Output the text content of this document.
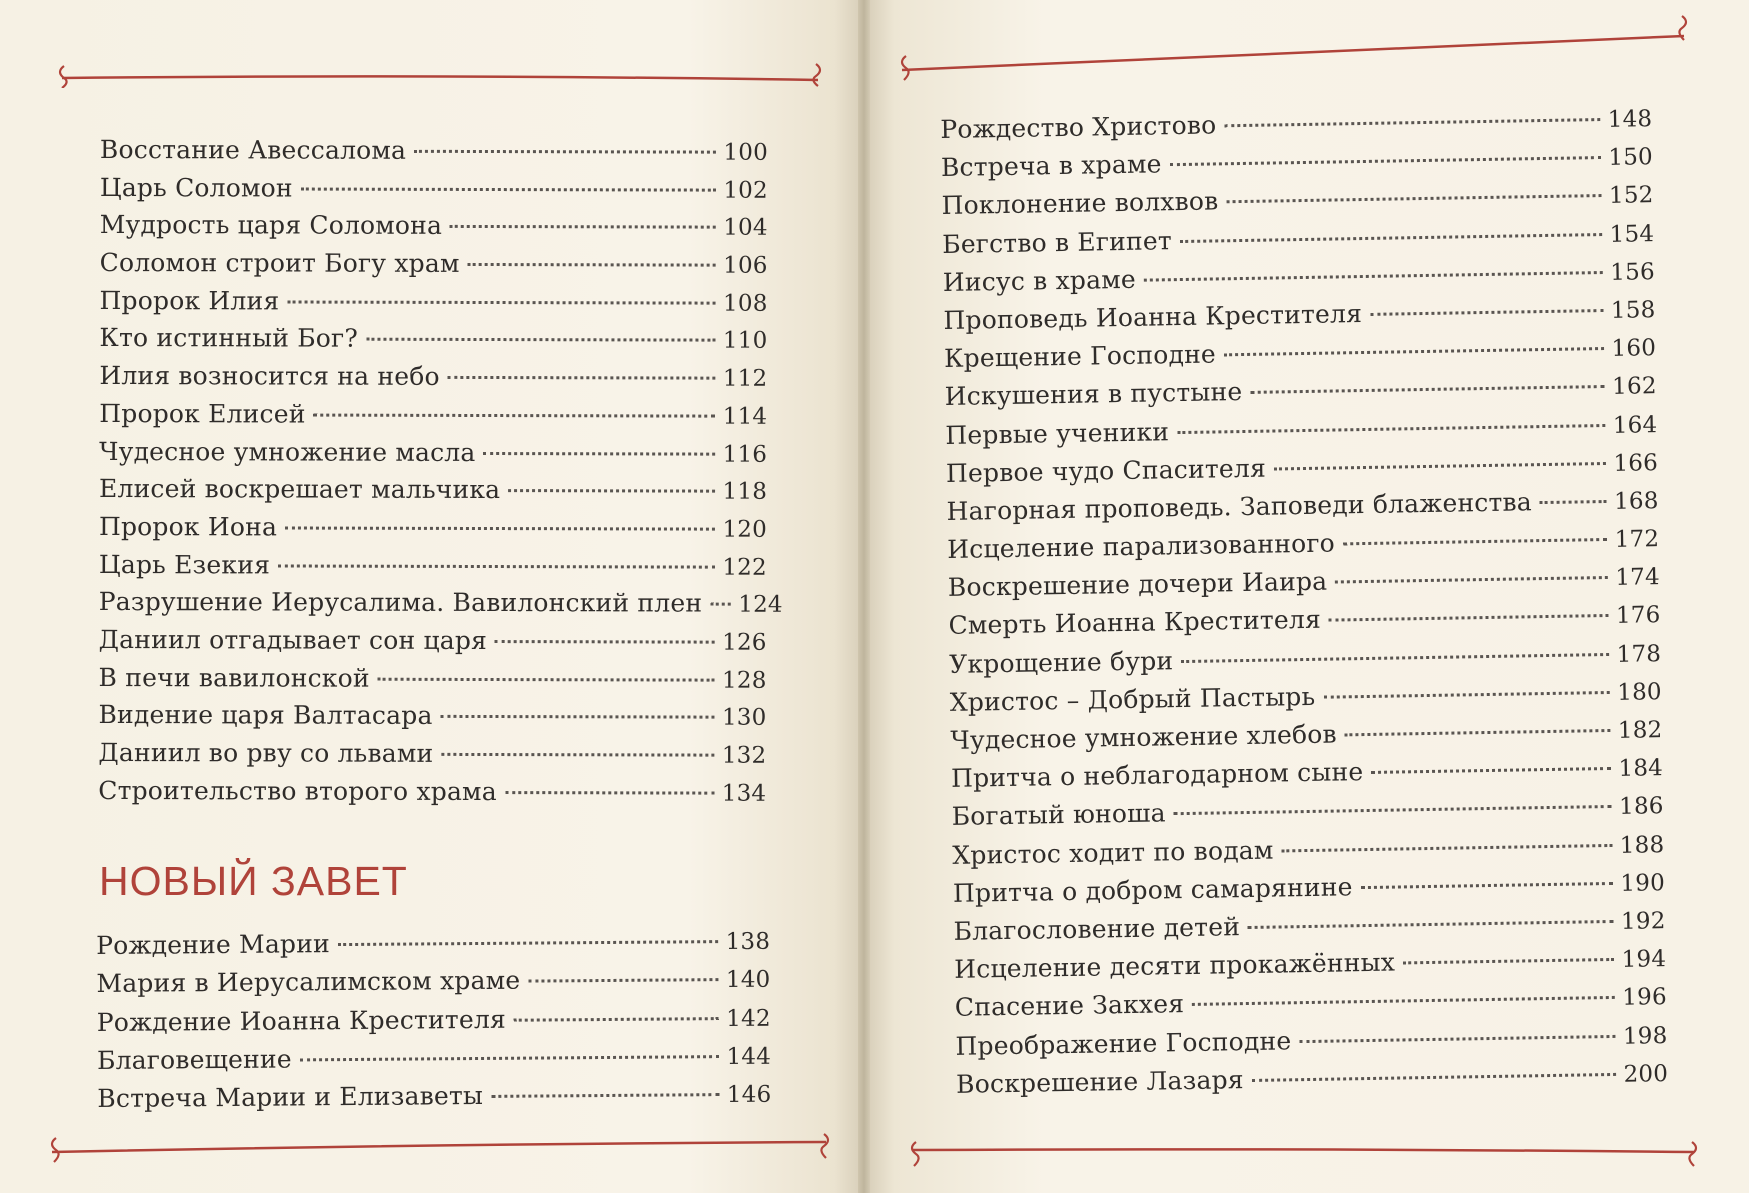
Восстание Авессалома	100
Царь Соломон	102
Мудрость царя Соломона	104
Соломон строит Богу храм	106
Пророк Илия	108
Кто истинный Бог?	110
Илия возносится на небо	112
Пророк Елисей	114
Чудесное умножение масла	116
Елисей воскрешает мальчика	118
Пророк Иона	120
Царь Езекия	122
Разрушение Иерусалима. Вавилонский плен 124
Даниил отгадывает сон царя	126
В печи вавилонской	128
Видение царя Валтасара	130
Даниил во рву со львами	132
Строительство второго храма	134
НОВЫЙ ЗАВЕТ
Рождение Марии	138
Мария в Иерусалимском храме	140
Рождение Иоанна Крестителя	142
Благовещение	144
Встреча Марии и Елизаветы	146
Рождество Христово	148
Встреча в храме	150
Поклонение волхвов	152
Бегство в Египет	154
Иисус в храме	156
Проповедь Иоанна Крестителя	158
Крещение Господне	160
Искушения в пустыне	162
Первые ученики	164
Первое чудо Спасителя	166
Нагорная проповедь. Заповеди блаженства	168
Исцеление парализованного	172
Воскрешение дочери Иаира	174
Смерть Иоанна Крестителя	176
Укрощение бури	178
Христос – Добрый Пастырь	180
Чудесное умножение хлебов	182
Притча о неблагодарном сыне	184
Богатый юноша	186
Христос ходит по водам	188
Притча о добром самарянине	190
Благословение детей	192
Исцеление десяти прокажённых	194
Спасение Закхея	196
Преображение Господне	198
Воскрешение Лазаря	200
